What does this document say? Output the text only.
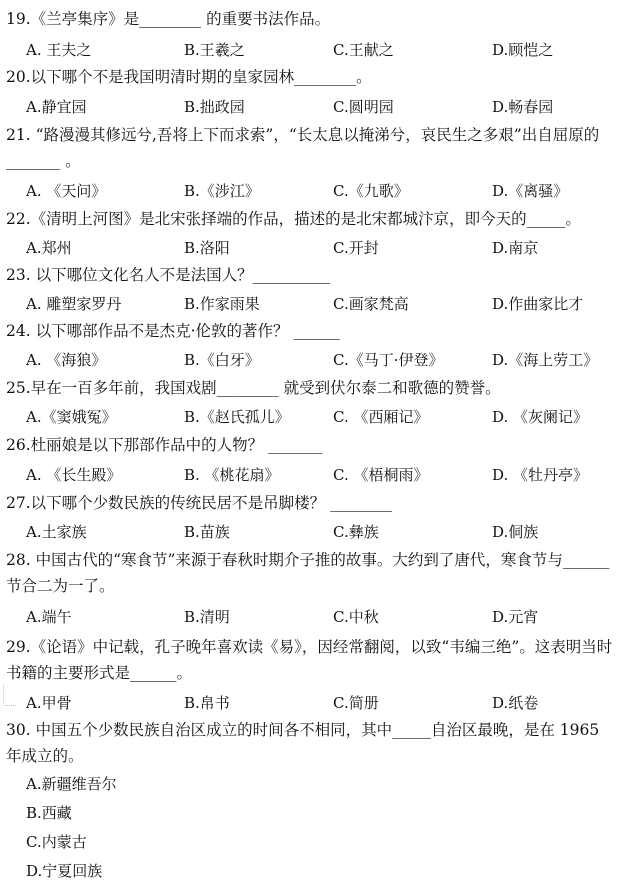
19.《兰亭集序》是________ 的重要书法作品。
A. 王夫之	B.王羲之	C.王献之	D.顾恺之
20.以下哪个不是我国明清时期的皇家园林________。
A.静宜园	B.拙政园	C.圆明园	D.畅春园
21. “路漫漫其修远兮,吾将上下而求索”，“长太息以掩涕兮，哀民生之多艰”出自屈原的_______ 。
A. 《天问》	B.《涉江》	C.《九歌》	D.《离骚》
22.《清明上河图》是北宋张择端的作品，描述的是北宋都城汴京，即今天的_____。
A.郑州	B.洛阳	C.开封	D.南京
23. 以下哪位文化名人不是法国人？__________
A. 雕塑家罗丹	B.作家雨果	C.画家梵高	D.作曲家比才
24. 以下哪部作品不是杰克·伦敦的著作？ ______
A. 《海狼》	B.《白牙》	C.《马丁·伊登》	D.《海上劳工》
25.早在一百多年前，我国戏剧________ 就受到伏尔泰二和歌德的赞誉。
A.《窦娥冤》	B.《赵氏孤儿》	C. 《西厢记》	D. 《灰阑记》
26.杜丽娘是以下那部作品中的人物？ _______
A. 《长生殿》	B. 《桃花扇》	C. 《梧桐雨》	D. 《牡丹亭》
27.以下哪个少数民族的传统民居不是吊脚楼？ ________
A.土家族	B.苗族	C.彝族	D.侗族
28. 中国古代的“寒食节”来源于春秋时期介子推的故事。大约到了唐代，寒食节与______节合二为一了。
A.端午	B.清明	C.中秋	D.元宵
29.《论语》中记载，孔子晚年喜欢读《易》，因经常翻阅，以致“韦编三绝”。这表明当时书籍的主要形式是______。
A.甲骨	B.帛书	C.简册	D.纸卷
30. 中国五个少数民族自治区成立的时间各不相同，其中_____自治区最晚，是在 1965 年成立的。
A.新疆维吾尔
B.西藏
C.内蒙古
D.宁夏回族
